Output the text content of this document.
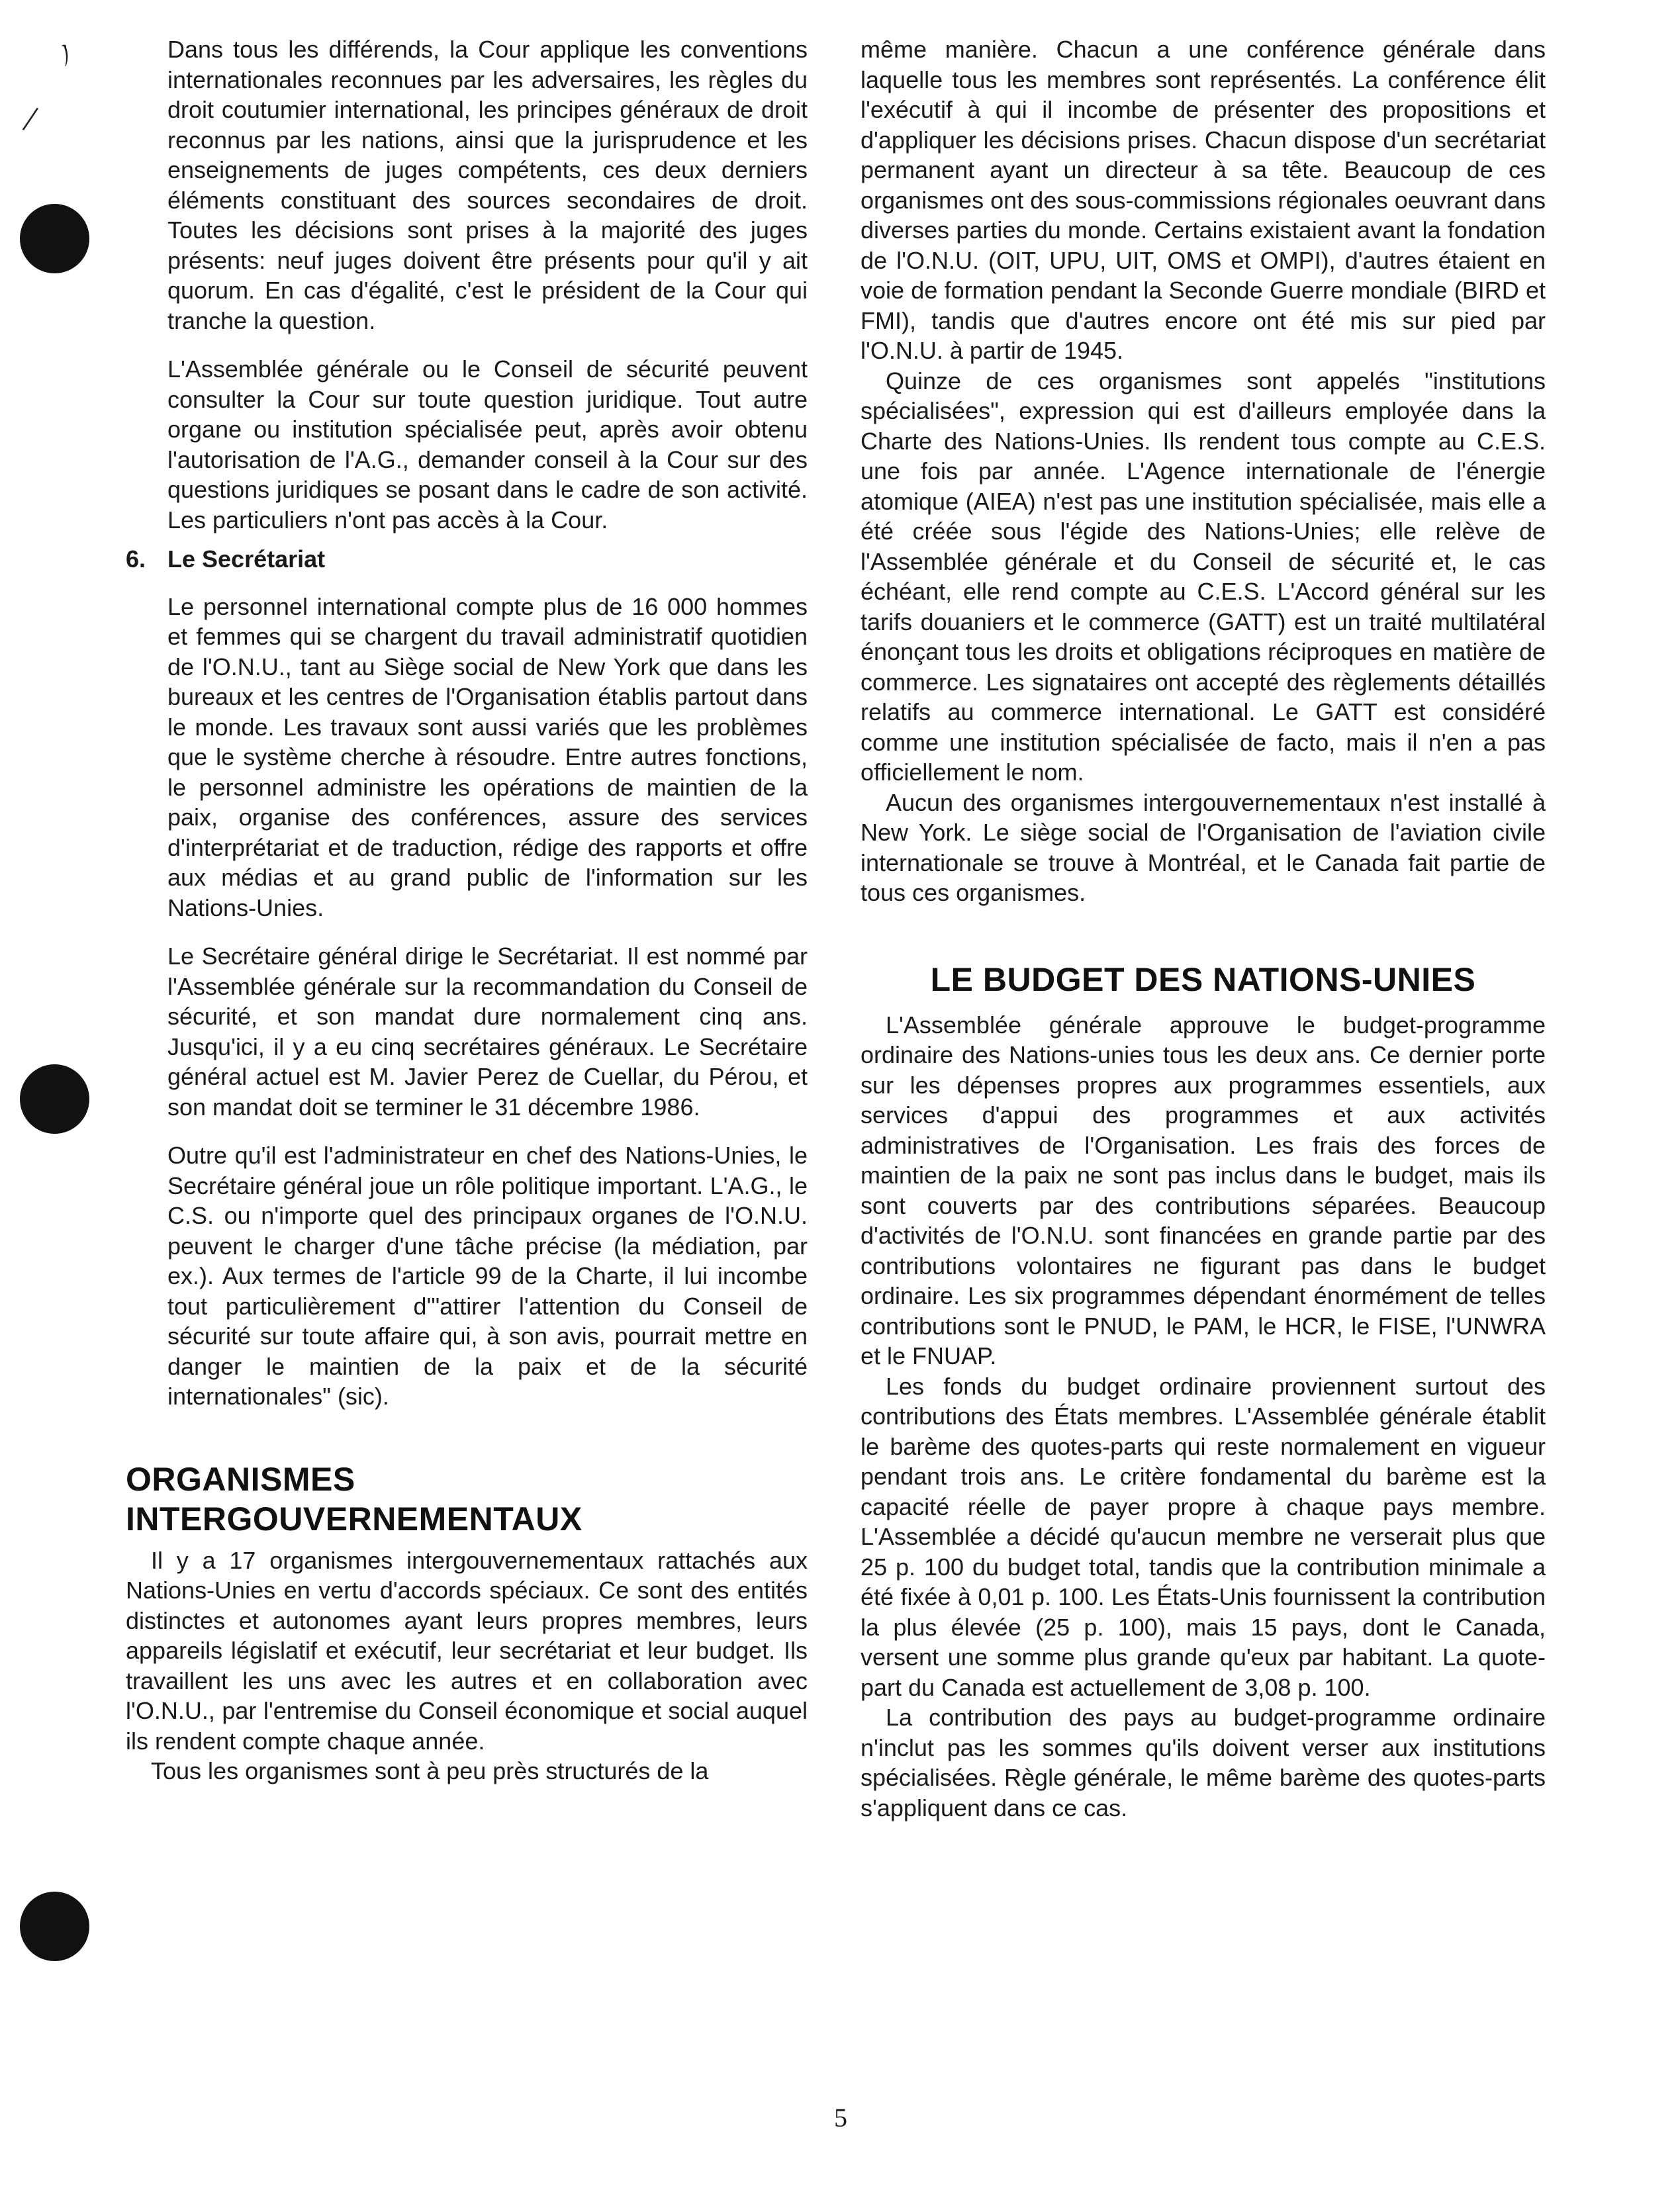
ﾉ
/

Dans tous les différends, la Cour applique les conventions internationales reconnues par les adversaires, les règles du droit coutumier international, les principes généraux de droit reconnus par les nations, ainsi que la jurisprudence et les enseignements de juges compétents, ces deux derniers éléments constituant des sources secondaires de droit. Toutes les décisions sont prises à la majorité des juges présents: neuf juges doivent être présents pour qu'il y ait quorum. En cas d'égalité, c'est le président de la Cour qui tranche la question.

L'Assemblée générale ou le Conseil de sécurité peuvent consulter la Cour sur toute question juridique. Tout autre organe ou institution spécialisée peut, après avoir obtenu l'autorisation de l'A.G., demander conseil à la Cour sur des questions juridiques se posant dans le cadre de son activité. Les particuliers n'ont pas accès à la Cour.

6. Le Secrétariat

Le personnel international compte plus de 16 000 hommes et femmes qui se chargent du travail administratif quotidien de l'O.N.U., tant au Siège social de New York que dans les bureaux et les centres de l'Organisation établis partout dans le monde. Les travaux sont aussi variés que les problèmes que le système cherche à résoudre. Entre autres fonctions, le personnel administre les opérations de maintien de la paix, organise des conférences, assure des services d'interprétariat et de traduction, rédige des rapports et offre aux médias et au grand public de l'information sur les Nations-Unies.

Le Secrétaire général dirige le Secrétariat. Il est nommé par l'Assemblée générale sur la recommandation du Conseil de sécurité, et son mandat dure normalement cinq ans. Jusqu'ici, il y a eu cinq secrétaires généraux. Le Secrétaire général actuel est M. Javier Perez de Cuellar, du Pérou, et son mandat doit se terminer le 31 décembre 1986.

Outre qu'il est l'administrateur en chef des Nations-Unies, le Secrétaire général joue un rôle politique important. L'A.G., le C.S. ou n'importe quel des principaux organes de l'O.N.U. peuvent le charger d'une tâche précise (la médiation, par ex.). Aux termes de l'article 99 de la Charte, il lui incombe tout particulièrement d'"attirer l'attention du Conseil de sécurité sur toute affaire qui, à son avis, pourrait mettre en danger le maintien de la paix et de la sécurité internationales" (sic).

ORGANISMES INTERGOUVERNEMENTAUX

Il y a 17 organismes intergouvernementaux rattachés aux Nations-Unies en vertu d'accords spéciaux. Ce sont des entités distinctes et autonomes ayant leurs propres membres, leurs appareils législatif et exécutif, leur secrétariat et leur budget. Ils travaillent les uns avec les autres et en collaboration avec l'O.N.U., par l'entremise du Conseil économique et social auquel ils rendent compte chaque année.

Tous les organismes sont à peu près structurés de la

même manière. Chacun a une conférence générale dans laquelle tous les membres sont représentés. La conférence élit l'exécutif à qui il incombe de présenter des propositions et d'appliquer les décisions prises. Chacun dispose d'un secrétariat permanent ayant un directeur à sa tête. Beaucoup de ces organismes ont des sous-commissions régionales oeuvrant dans diverses parties du monde. Certains existaient avant la fondation de l'O.N.U. (OIT, UPU, UIT, OMS et OMPI), d'autres étaient en voie de formation pendant la Seconde Guerre mondiale (BIRD et FMI), tandis que d'autres encore ont été mis sur pied par l'O.N.U. à partir de 1945.

Quinze de ces organismes sont appelés "institutions spécialisées", expression qui est d'ailleurs employée dans la Charte des Nations-Unies. Ils rendent tous compte au C.E.S. une fois par année. L'Agence internationale de l'énergie atomique (AIEA) n'est pas une institution spécialisée, mais elle a été créée sous l'égide des Nations-Unies; elle relève de l'Assemblée générale et du Conseil de sécurité et, le cas échéant, elle rend compte au C.E.S. L'Accord général sur les tarifs douaniers et le commerce (GATT) est un traité multilatéral énonçant tous les droits et obligations réciproques en matière de commerce. Les signataires ont accepté des règlements détaillés relatifs au commerce international. Le GATT est considéré comme une institution spécialisée de facto, mais il n'en a pas officiellement le nom.

Aucun des organismes intergouvernementaux n'est installé à New York. Le siège social de l'Organisation de l'aviation civile internationale se trouve à Montréal, et le Canada fait partie de tous ces organismes.

LE BUDGET DES NATIONS-UNIES

L'Assemblée générale approuve le budget-programme ordinaire des Nations-unies tous les deux ans. Ce dernier porte sur les dépenses propres aux programmes essentiels, aux services d'appui des programmes et aux activités administratives de l'Organisation. Les frais des forces de maintien de la paix ne sont pas inclus dans le budget, mais ils sont couverts par des contributions séparées. Beaucoup d'activités de l'O.N.U. sont financées en grande partie par des contributions volontaires ne figurant pas dans le budget ordinaire. Les six programmes dépendant énormément de telles contributions sont le PNUD, le PAM, le HCR, le FISE, l'UNWRA et le FNUAP.

Les fonds du budget ordinaire proviennent surtout des contributions des États membres. L'Assemblée générale établit le barème des quotes-parts qui reste normalement en vigueur pendant trois ans. Le critère fondamental du barème est la capacité réelle de payer propre à chaque pays membre. L'Assemblée a décidé qu'aucun membre ne verserait plus que 25 p. 100 du budget total, tandis que la contribution minimale a été fixée à 0,01 p. 100. Les États-Unis fournissent la contribution la plus élevée (25 p. 100), mais 15 pays, dont le Canada, versent une somme plus grande qu'eux par habitant. La quote-part du Canada est actuellement de 3,08 p. 100.

La contribution des pays au budget-programme ordinaire n'inclut pas les sommes qu'ils doivent verser aux institutions spécialisées. Règle générale, le même barème des quotes-parts s'appliquent dans ce cas.

5
